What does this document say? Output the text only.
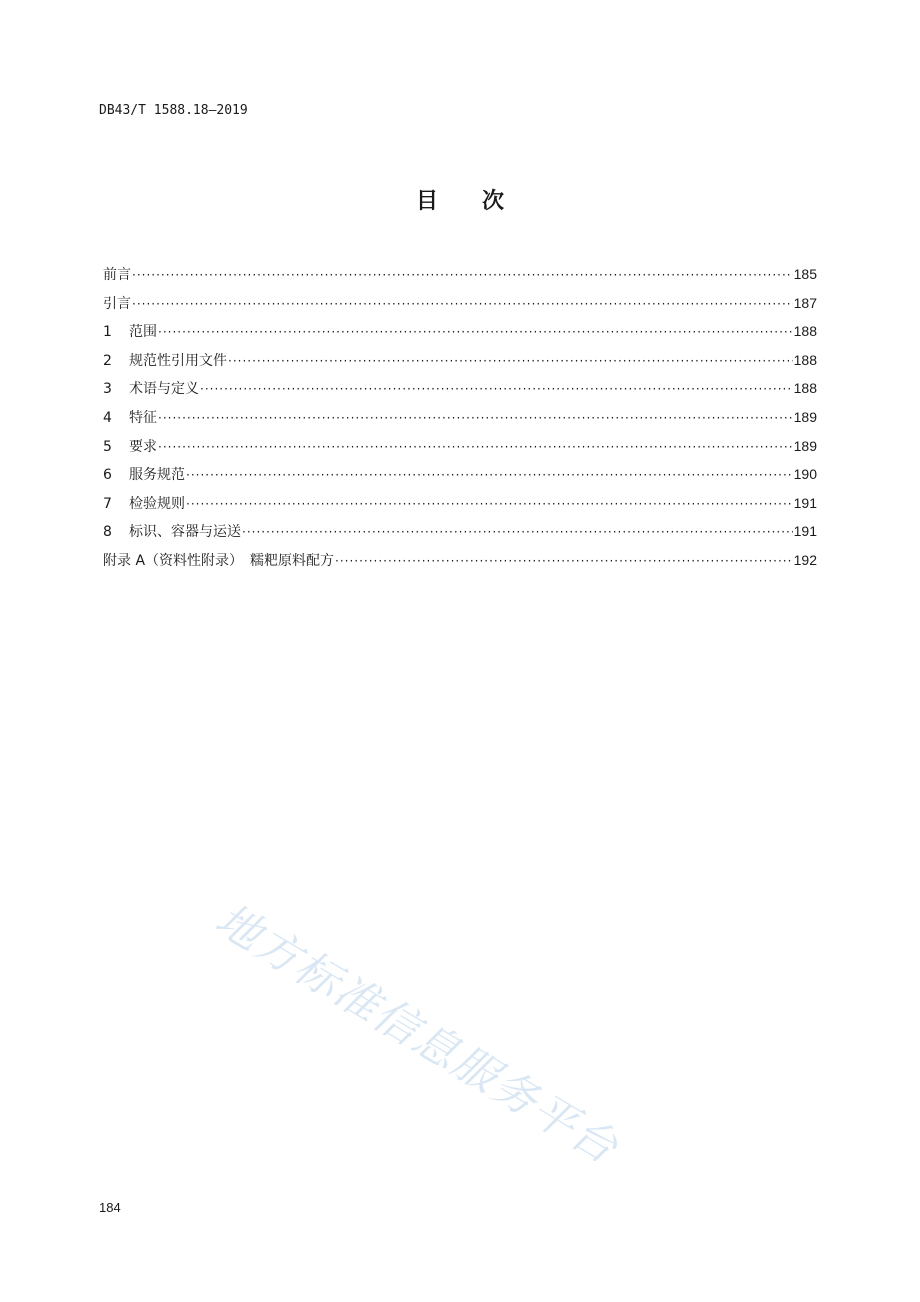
DB43/T 1588.18—2019
目　　次
前言 ·····	185
引言 ·····	187
1	范围 ·····	188
2	规范性引用文件 ·····	188
3	术语与定义 ·····	188
4	特征 ·····	189
5	要求 ·····	189
6	服务规范 ·····	190
7	检验规则 ·····	191
8	标识、容器与运送 ·····	191
附录 A（资料性附录）　糯粑原料配方 ·····	192
地方标准信息服务平台
184
